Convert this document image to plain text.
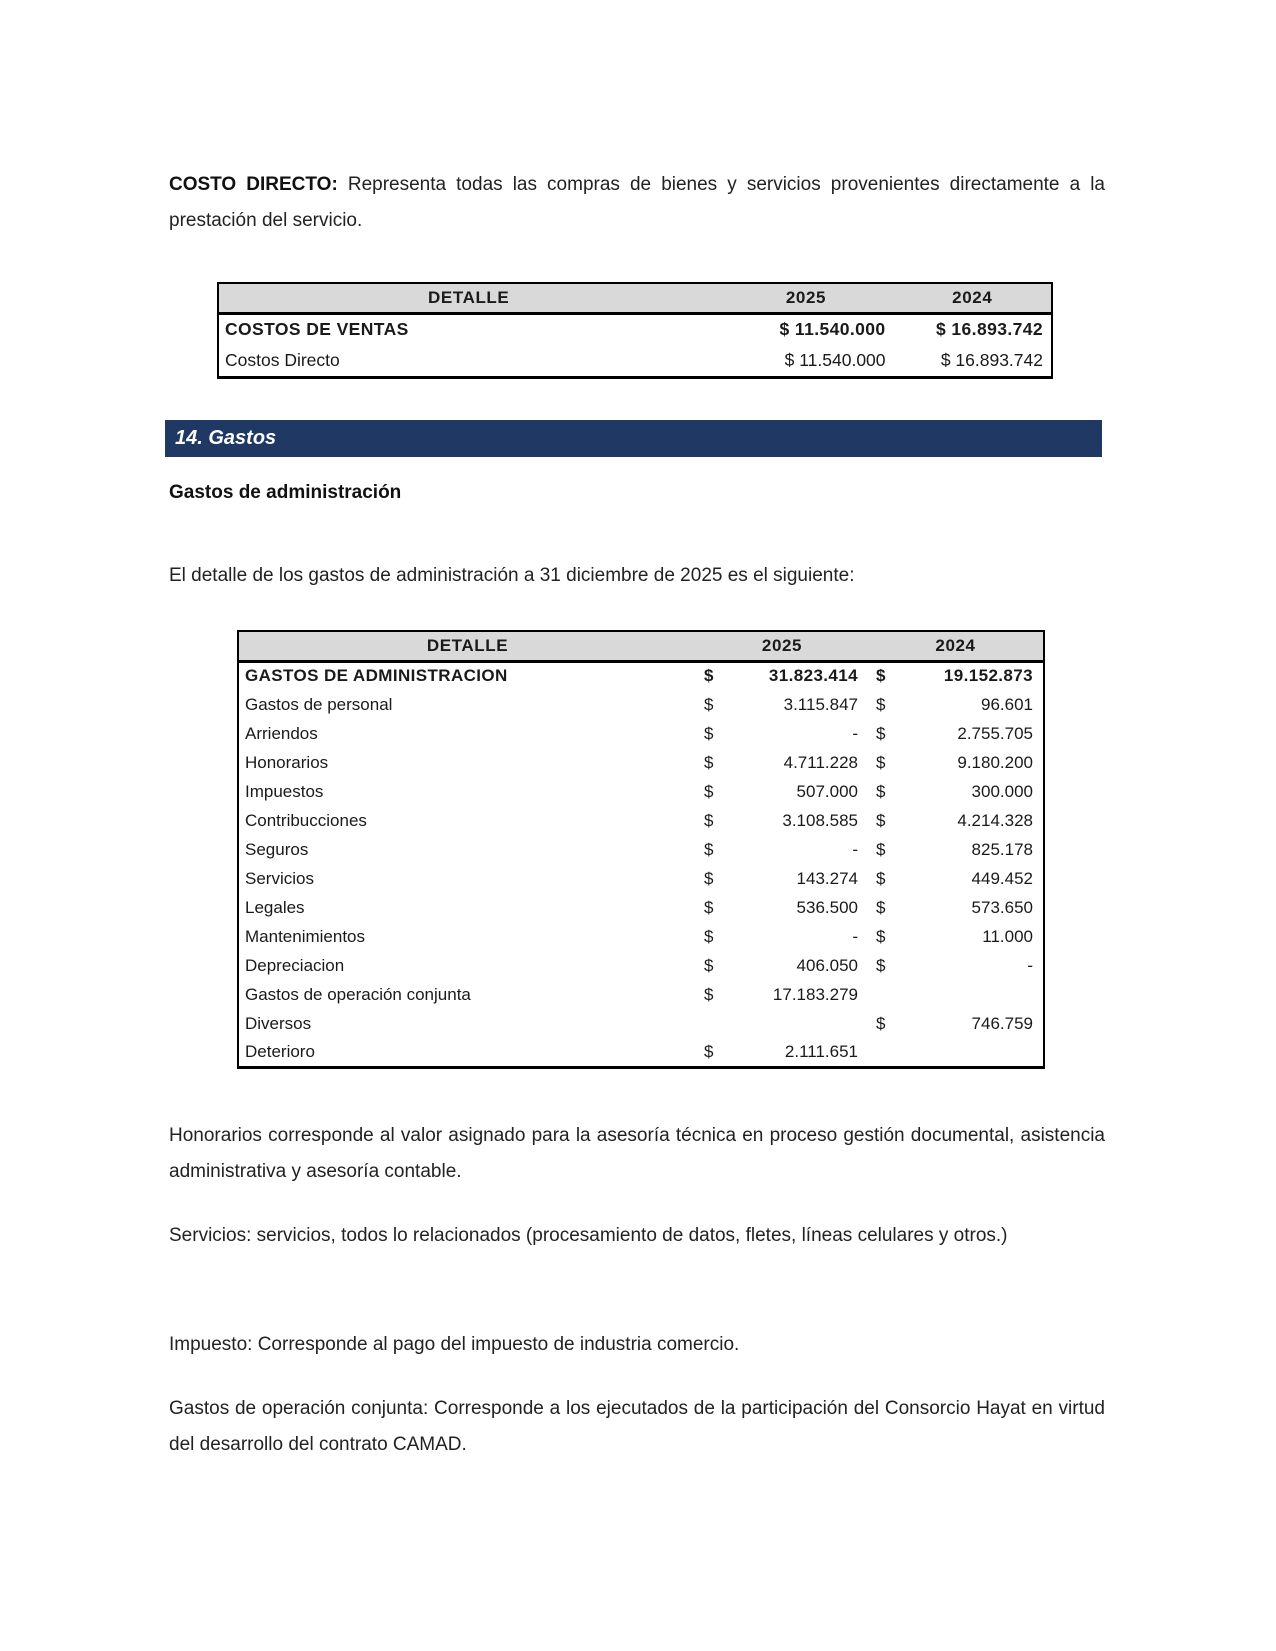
COSTO DIRECTO: Representa todas las compras de bienes y servicios provenientes directamente a la prestación del servicio.

DETALLE	2025	2024
COSTOS DE VENTAS	$ 11.540.000	$ 16.893.742
Costos Directo	$ 11.540.000	$ 16.893.742
14. Gastos
Gastos de administración

El detalle de los gastos de administración a 31 diciembre de 2025 es el siguiente:

DETALLE	2025		2024	
GASTOS DE ADMINISTRACION	$	31.823.414	$	19.152.873
Gastos de personal	$	3.115.847	$	96.601
Arriendos	$	-	$	2.755.705
Honorarios	$	4.711.228	$	9.180.200
Impuestos	$	507.000	$	300.000
Contribucciones	$	3.108.585	$	4.214.328
Seguros	$	-	$	825.178
Servicios	$	143.274	$	449.452
Legales	$	536.500	$	573.650
Mantenimientos	$	-	$	11.000
Depreciacion	$	406.050	$	-
Gastos de operación conjunta	$	17.183.279		
Diversos			$	746.759
Deterioro	$	2.111.651		

Honorarios corresponde al valor asignado para la asesoría técnica en proceso gestión documental, asistencia administrativa y asesoría contable.

Servicios: servicios, todos lo relacionados (procesamiento de datos, fletes, líneas celulares y otros.)

Impuesto: Corresponde al pago del impuesto de industria comercio.

Gastos de operación conjunta: Corresponde a los ejecutados de la participación del Consorcio Hayat en virtud del desarrollo del contrato CAMAD.
